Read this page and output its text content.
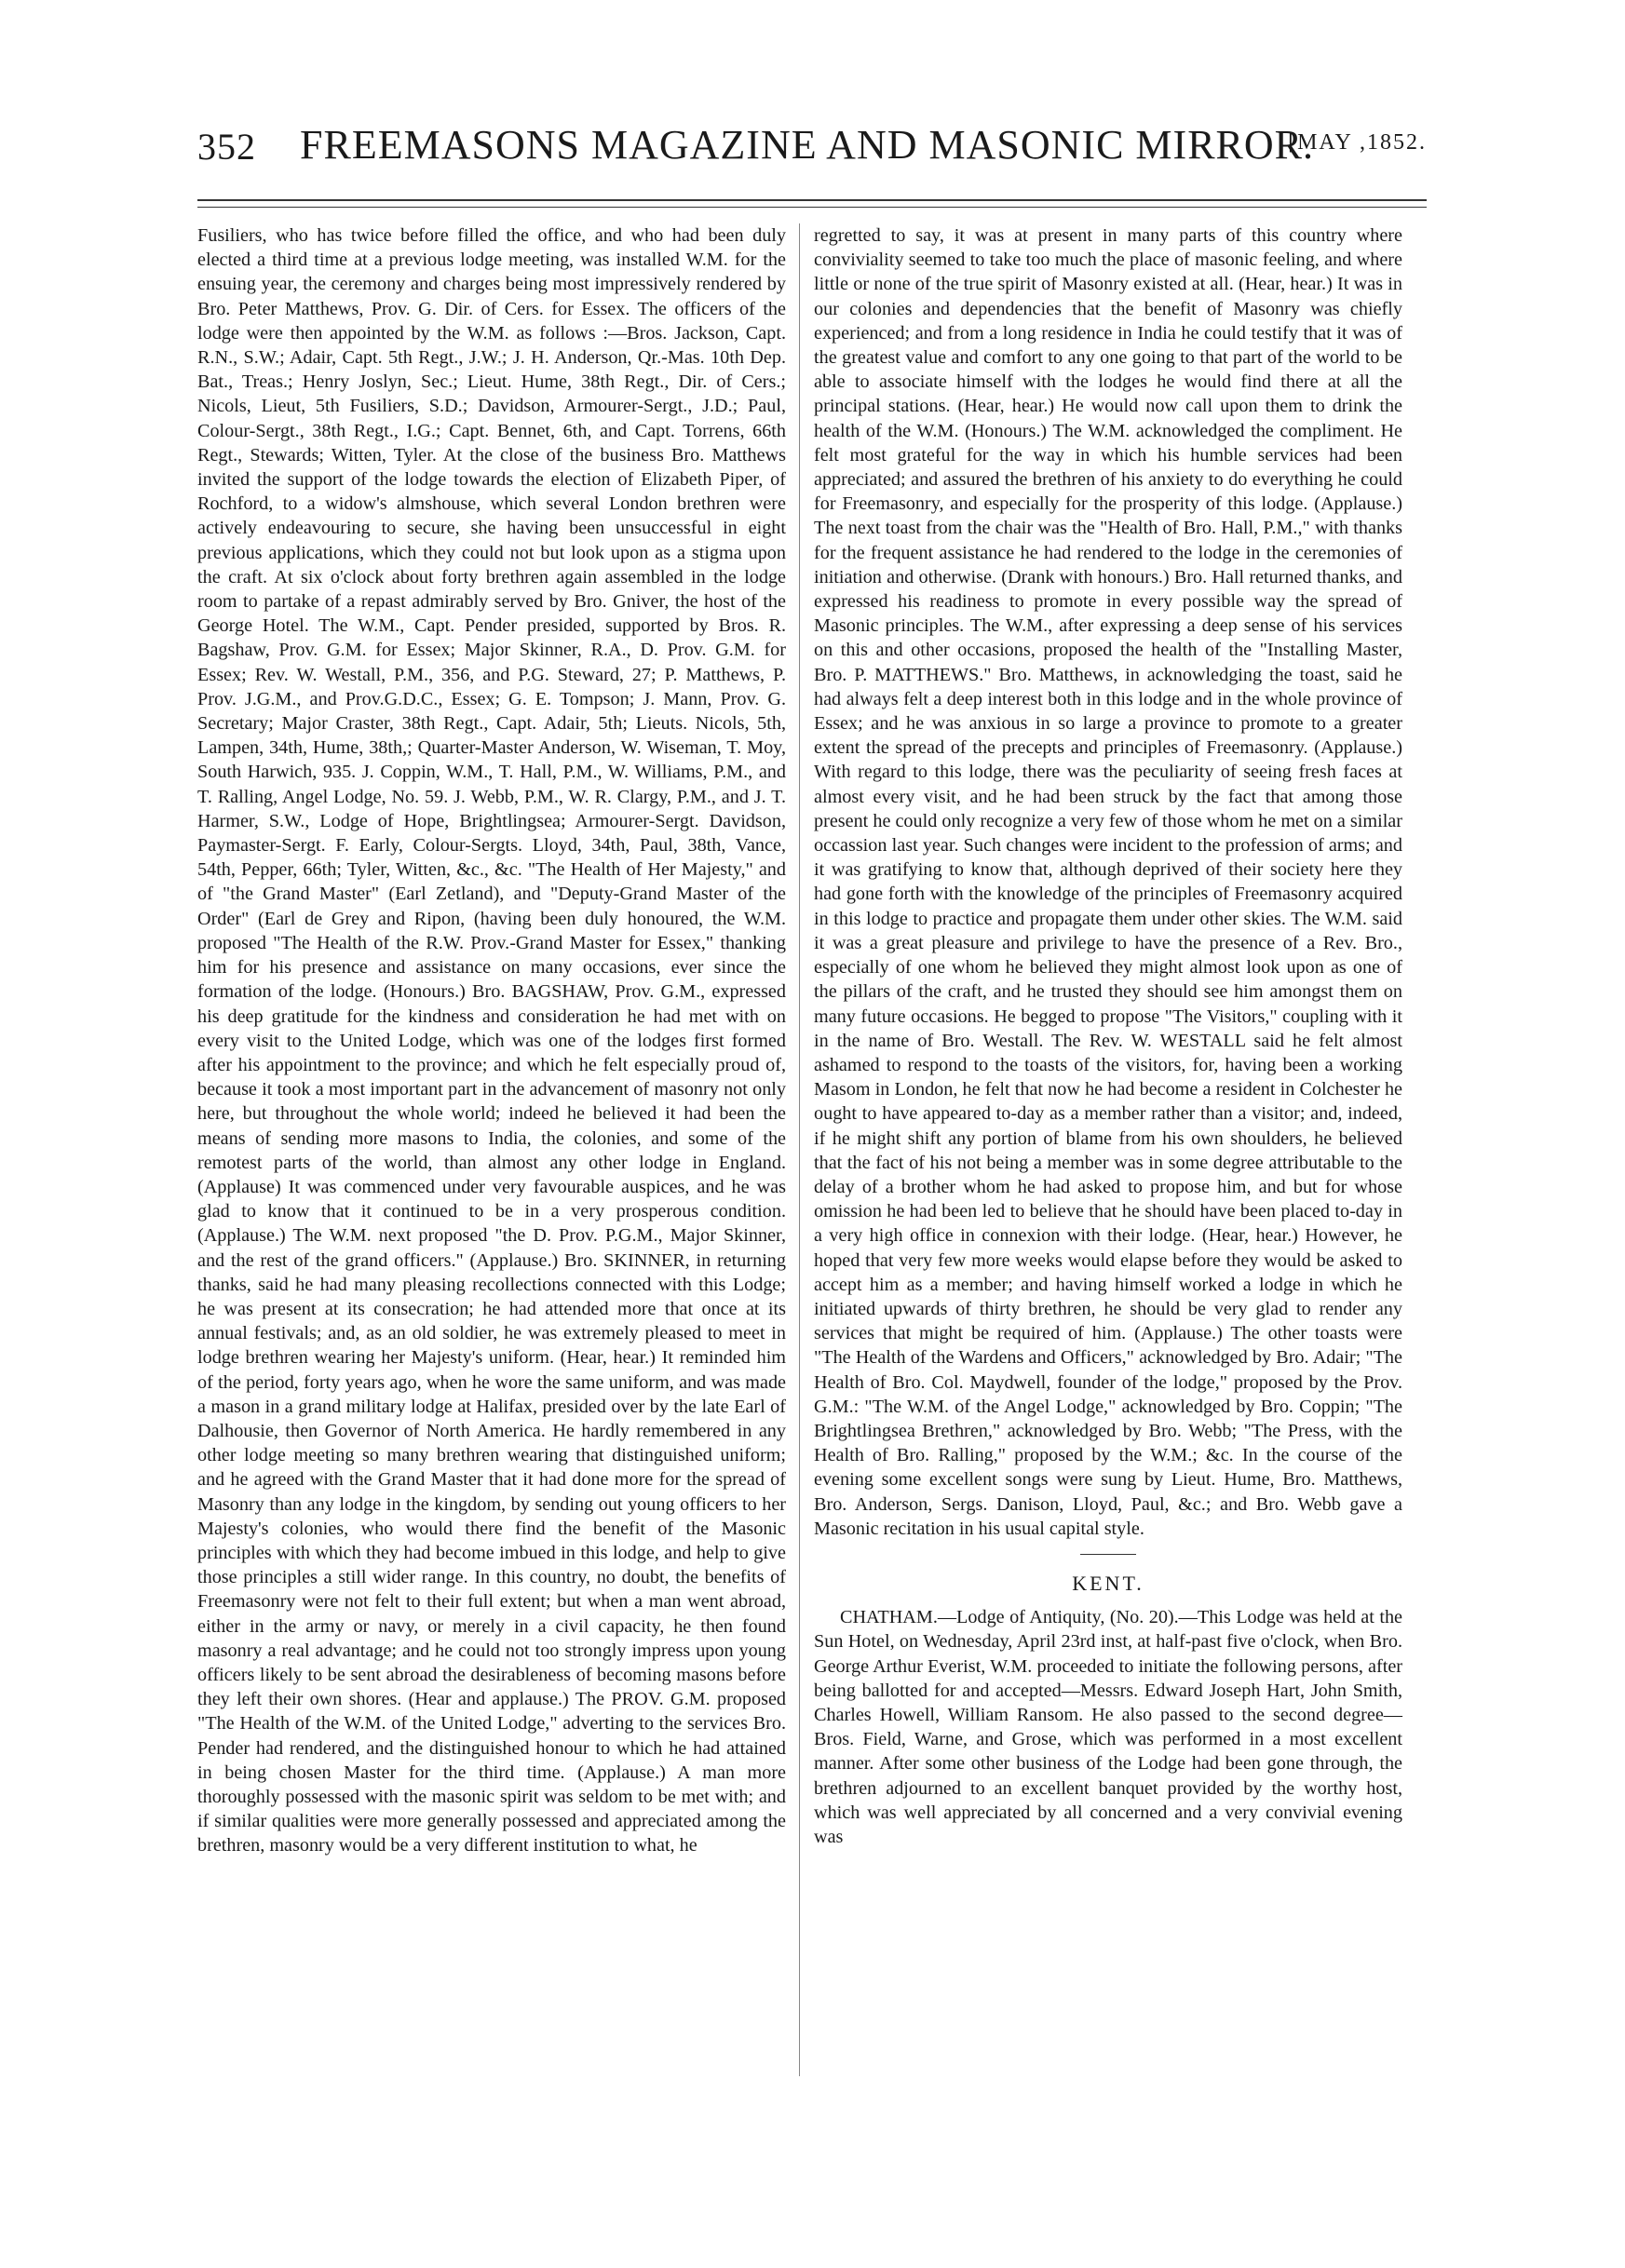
352 FREEMASONS MAGAZINE AND MASONIC MIRROR.
[MAY ,1852.

Fusiliers, who has twice before filled the office, and who had been duly elected a third time at a previous lodge meeting, was installed W.M. for the ensuing year, the ceremony and charges being most impressively rendered by Bro. Peter Matthews, Prov. G. Dir. of Cers. for Essex. The officers of the lodge were then appointed by the W.M. as follows :—Bros. Jackson, Capt. R.N., S.W.; Adair, Capt. 5th Regt., J.W.; J. H. Anderson, Qr.-Mas. 10th Dep. Bat., Treas.; Henry Joslyn, Sec.; Lieut. Hume, 38th Regt., Dir. of Cers.; Nicols, Lieut, 5th Fusiliers, S.D.; Davidson, Armourer-Sergt., J.D.; Paul, Colour-Sergt., 38th Regt., I.G.; Capt. Bennet, 6th, and Capt. Torrens, 66th Regt., Stewards; Witten, Tyler. At the close of the business Bro. Matthews invited the support of the lodge towards the election of Elizabeth Piper, of Rochford, to a widow's almshouse, which several London brethren were actively endeavouring to secure, she having been unsuccessful in eight previous applications, which they could not but look upon as a stigma upon the craft. At six o'clock about forty brethren again assembled in the lodge room to partake of a repast admirably served by Bro. Gniver, the host of the George Hotel. The W.M., Capt. Pender presided, supported by Bros. R. Bagshaw, Prov. G.M. for Essex; Major Skinner, R.A., D. Prov. G.M. for Essex; Rev. W. Westall, P.M., 356, and P.G. Steward, 27; P. Matthews, P. Prov. J.G.M., and Prov.G.D.C., Essex; G. E. Tompson; J. Mann, Prov. G. Secretary; Major Craster, 38th Regt., Capt. Adair, 5th; Lieuts. Nicols, 5th, Lampen, 34th, Hume, 38th,; Quarter-Master Anderson, W. Wiseman, T. Moy, South Harwich, 935. J. Coppin, W.M., T. Hall, P.M., W. Williams, P.M., and T. Ralling, Angel Lodge, No. 59. J. Webb, P.M., W. R. Clargy, P.M., and J. T. Harmer, S.W., Lodge of Hope, Brightlingsea; Armourer-Sergt. Davidson, Paymaster-Sergt. F. Early, Colour-Sergts. Lloyd, 34th, Paul, 38th, Vance, 54th, Pepper, 66th; Tyler, Witten, &c., &c. "The Health of Her Majesty," and of "the Grand Master" (Earl Zetland), and "Deputy-Grand Master of the Order" (Earl de Grey and Ripon, (having been duly honoured, the W.M. proposed "The Health of the R.W. Prov.-Grand Master for Essex," thanking him for his presence and assistance on many occasions, ever since the formation of the lodge. (Honours.) Bro. BAGSHAW, Prov. G.M., expressed his deep gratitude for the kindness and consideration he had met with on every visit to the United Lodge, which was one of the lodges first formed after his appointment to the province; and which he felt especially proud of, because it took a most important part in the advancement of masonry not only here, but throughout the whole world; indeed he believed it had been the means of sending more masons to India, the colonies, and some of the remotest parts of the world, than almost any other lodge in England. (Applause) It was commenced under very favourable auspices, and he was glad to know that it continued to be in a very prosperous condition. (Applause.) The W.M. next proposed "the D. Prov. P.G.M., Major Skinner, and the rest of the grand officers." (Applause.) Bro. SKINNER, in returning thanks, said he had many pleasing recollections connected with this Lodge; he was present at its consecration; he had attended more that once at its annual festivals; and, as an old soldier, he was extremely pleased to meet in lodge brethren wearing her Majesty's uniform. (Hear, hear.) It reminded him of the period, forty years ago, when he wore the same uniform, and was made a mason in a grand military lodge at Halifax, presided over by the late Earl of Dalhousie, then Governor of North America. He hardly remembered in any other lodge meeting so many brethren wearing that distinguished uniform; and he agreed with the Grand Master that it had done more for the spread of Masonry than any lodge in the kingdom, by sending out young officers to her Majesty's colonies, who would there find the benefit of the Masonic principles with which they had become imbued in this lodge, and help to give those principles a still wider range. In this country, no doubt, the benefits of Freemasonry were not felt to their full extent; but when a man went abroad, either in the army or navy, or merely in a civil capacity, he then found masonry a real advantage; and he could not too strongly impress upon young officers likely to be sent abroad the desirableness of becoming masons before they left their own shores. (Hear and applause.) The PROV. G.M. proposed "The Health of the W.M. of the United Lodge," adverting to the services Bro. Pender had rendered, and the distinguished honour to which he had attained in being chosen Master for the third time. (Applause.) A man more thoroughly possessed with the masonic spirit was seldom to be met with; and if similar qualities were more generally possessed and appreciated among the brethren, masonry would be a very different institution to what, he

regretted to say, it was at present in many parts of this country where conviviality seemed to take too much the place of masonic feeling, and where little or none of the true spirit of Masonry existed at all. (Hear, hear.) It was in our colonies and dependencies that the benefit of Masonry was chiefly experienced; and from a long residence in India he could testify that it was of the greatest value and comfort to any one going to that part of the world to be able to associate himself with the lodges he would find there at all the principal stations. (Hear, hear.) He would now call upon them to drink the health of the W.M. (Honours.) The W.M. acknowledged the compliment. He felt most grateful for the way in which his humble services had been appreciated; and assured the brethren of his anxiety to do everything he could for Freemasonry, and especially for the prosperity of this lodge. (Applause.) The next toast from the chair was the "Health of Bro. Hall, P.M.," with thanks for the frequent assistance he had rendered to the lodge in the ceremonies of initiation and otherwise. (Drank with honours.) Bro. Hall returned thanks, and expressed his readiness to promote in every possible way the spread of Masonic principles. The W.M., after expressing a deep sense of his services on this and other occasions, proposed the health of the "Installing Master, Bro. P. MATTHEWS." Bro. Matthews, in acknowledging the toast, said he had always felt a deep interest both in this lodge and in the whole province of Essex; and he was anxious in so large a province to promote to a greater extent the spread of the precepts and principles of Freemasonry. (Applause.) With regard to this lodge, there was the peculiarity of seeing fresh faces at almost every visit, and he had been struck by the fact that among those present he could only recognize a very few of those whom he met on a similar occassion last year. Such changes were incident to the profession of arms; and it was gratifying to know that, although deprived of their society here they had gone forth with the knowledge of the principles of Freemasonry acquired in this lodge to practice and propagate them under other skies. The W.M. said it was a great pleasure and privilege to have the presence of a Rev. Bro., especially of one whom he believed they might almost look upon as one of the pillars of the craft, and he trusted they should see him amongst them on many future occasions. He begged to propose "The Visitors," coupling with it in the name of Bro. Westall. The Rev. W. WESTALL said he felt almost ashamed to respond to the toasts of the visitors, for, having been a working Masom in London, he felt that now he had become a resident in Colchester he ought to have appeared to-day as a member rather than a visitor; and, indeed, if he might shift any portion of blame from his own shoulders, he believed that the fact of his not being a member was in some degree attributable to the delay of a brother whom he had asked to propose him, and but for whose omission he had been led to believe that he should have been placed to-day in a very high office in connexion with their lodge. (Hear, hear.) However, he hoped that very few more weeks would elapse before they would be asked to accept him as a member; and having himself worked a lodge in which he initiated upwards of thirty brethren, he should be very glad to render any services that might be required of him. (Applause.) The other toasts were "The Health of the Wardens and Officers," acknowledged by Bro. Adair; "The Health of Bro. Col. Maydwell, founder of the lodge," proposed by the Prov. G.M.: "The W.M. of the Angel Lodge," acknowledged by Bro. Coppin; "The Brightlingsea Brethren," acknowledged by Bro. Webb; "The Press, with the Health of Bro. Ralling," proposed by the W.M.; &c. In the course of the evening some excellent songs were sung by Lieut. Hume, Bro. Matthews, Bro. Anderson, Sergs. Danison, Lloyd, Paul, &c.; and Bro. Webb gave a Masonic recitation in his usual capital style.

KENT.

CHATHAM.—Lodge of Antiquity, (No. 20).—This Lodge was held at the Sun Hotel, on Wednesday, April 23rd inst, at half-past five o'clock, when Bro. George Arthur Everist, W.M. proceeded to initiate the following persons, after being ballotted for and accepted—Messrs. Edward Joseph Hart, John Smith, Charles Howell, William Ransom. He also passed to the second degree—Bros. Field, Warne, and Grose, which was performed in a most excellent manner. After some other business of the Lodge had been gone through, the brethren adjourned to an excellent banquet provided by the worthy host, which was well appreciated by all concerned and a very convivial evening was
